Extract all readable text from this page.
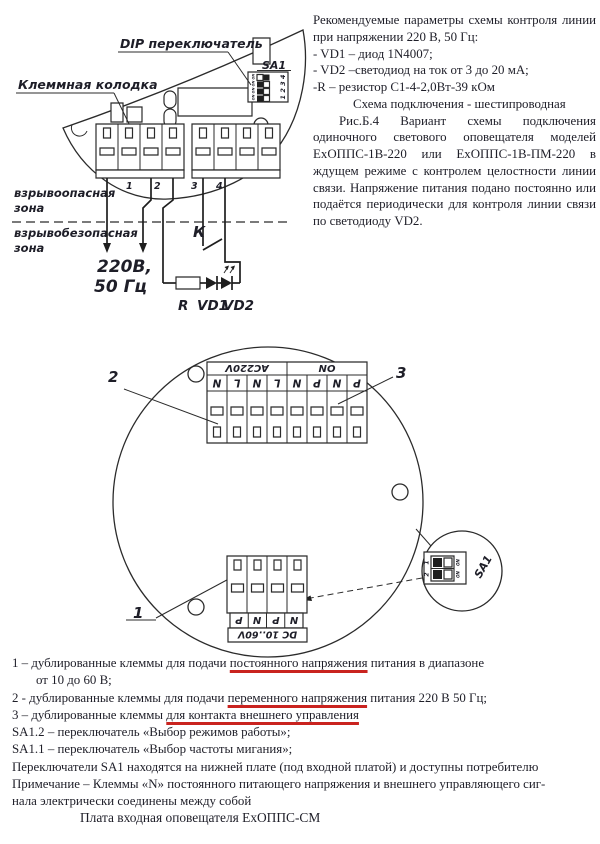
1 2 3 4
ON ON ON ON
SA1
DIP переключатель
Клеммная колодка
1 2	3 4
взрывоопасная
зона
взрывобезопасная
зона
220В,
50 Гц
К
R VD1
VD2

Рекомендуемые параметры схемы контроля линии при напряжении 220 В, 50 Гц:

- VD1 – диод 1N4007;

- VD2 –светодиод на ток от 3 до 20 мА;

-R – резистор С1-4-2,0Вт-39 кОм

Схема подключения - шестипроводная

Рис.Б.4 Вариант схемы подключения одиночного светового оповещателя моделей ЕхОППС-1В-220 или ЕхОППС-1В-ПМ-220 в ждущем режиме с контролем целостности линии связи. Напряжение питания подано постоянно или подаётся периодически для контроля линии связи по светодиоду VD2.

AC220V	ON
N L N L N P N P
2	3
1	P N P N
DC 10..60V
1
2
ON
ON SA1
1 – дублированные клеммы для подачи постоянного напряжения питания в диапазоне
от 10 до 60 В;
2 - дублированные клеммы для подачи переменного напряжения питания 220 В 50 Гц;
3 – дублированные клеммы для контакта внешнего управления
SA1.2 – переключатель «Выбор режимов работы»;
SA1.1 – переключатель «Выбор частоты мигания»;
Переключатели SA1 находятся на нижней плате (под входной платой) и доступны потребителю
Примечание – Клеммы «N» постоянного питающего напряжения и внешнего управляющего сиг-
нала электрически соединены между собой
Плата входная оповещателя ЕхОППС-СМ
